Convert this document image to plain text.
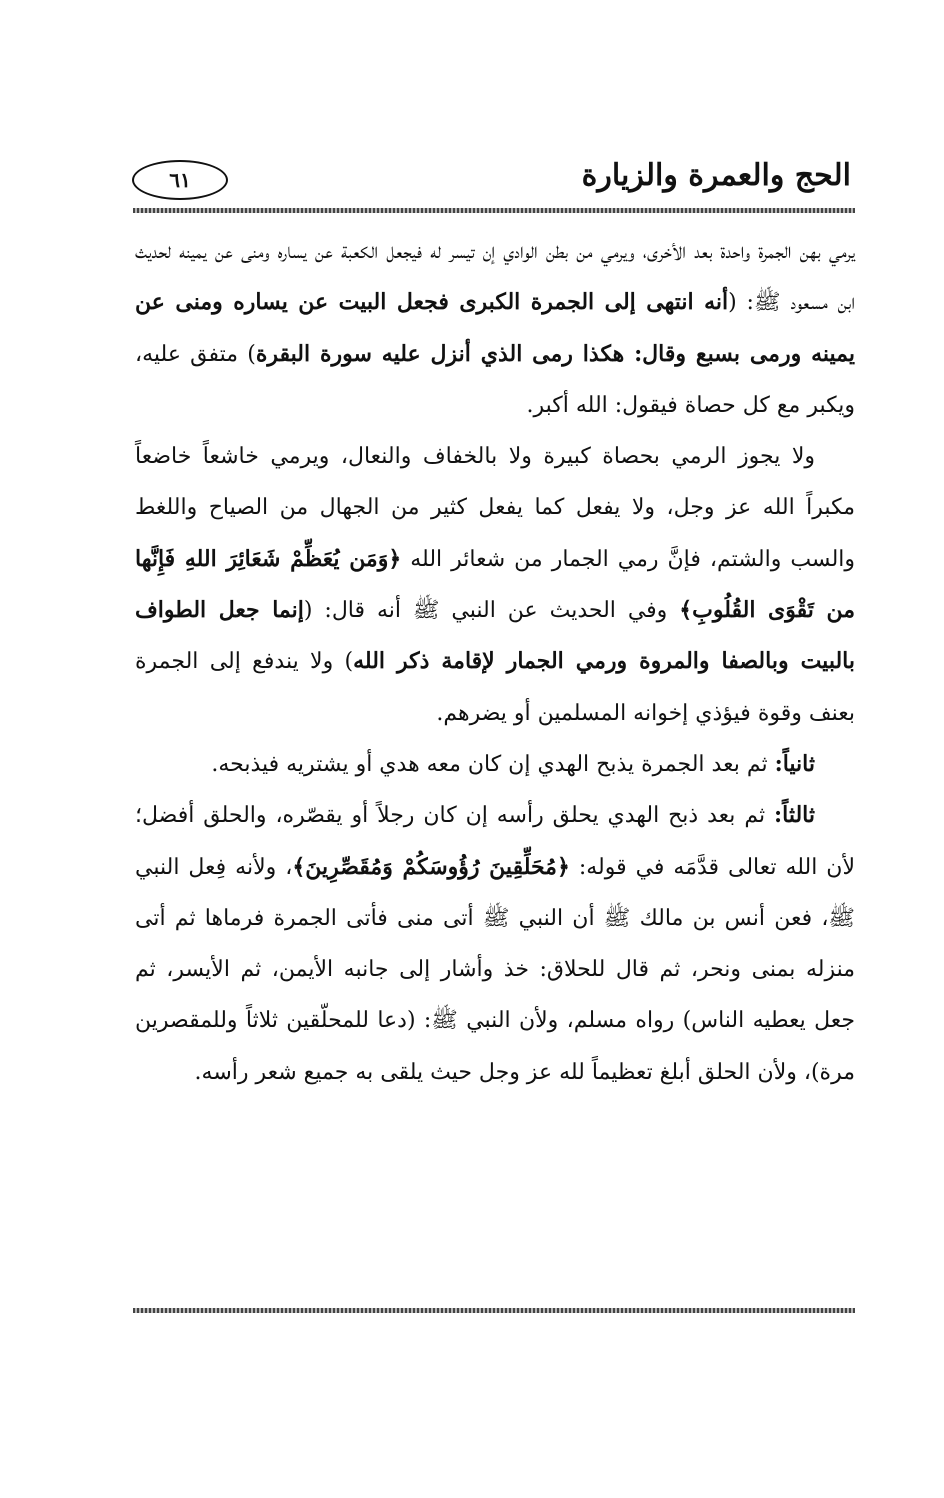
الحج والعمرة والزيارة
٦١

يرمي بهن الجمرة واحدة بعد الأخرى، ويرمي من بطن الوادي إن تيسر له فيجعل الكعبة عن يساره ومنى عن يمينه لحديث ابن مسعود ﷺ: (أنه انتهى إلى الجمرة الكبرى فجعل البيت عن يساره ومنى عن يمينه ورمى بسبع وقال: هكذا رمى الذي أنزل عليه سورة البقرة) متفق عليه، ويكبر مع كل حصاة فيقول: الله أكبر.

ولا يجوز الرمي بحصاة كبيرة ولا بالخفاف والنعال، ويرمي خاشعاً خاضعاً مكبراً الله عز وجل، ولا يفعل كما يفعل كثير من الجهال من الصياح واللغط والسب والشتم، فإنَّ رمي الجمار من شعائر الله ﴿وَمَن يُعَظِّمْ شَعَائِرَ اللهِ فَإِنَّها من تَقْوَى القُلُوبِ﴾ وفي الحديث عن النبي ﷺ أنه قال: (إنما جعل الطواف بالبيت وبالصفا والمروة ورمي الجمار لإقامة ذكر الله) ولا يندفع إلى الجمرة بعنف وقوة فيؤذي إخوانه المسلمين أو يضرهم.

ثانياً: ثم بعد الجمرة يذبح الهدي إن كان معه هدي أو يشتريه فيذبحه.

ثالثاً: ثم بعد ذبح الهدي يحلق رأسه إن كان رجلاً أو يقصّره، والحلق أفضل؛ لأن الله تعالى قدَّمَه في قوله: ﴿مُحَلِّقِينَ رُؤُوسَكُمْ وَمُقَصِّرِينَ﴾، ولأنه فِعل النبي ﷺ، فعن أنس بن مالك ﷺ أن النبي ﷺ أتى منى فأتى الجمرة فرماها ثم أتى منزله بمنى ونحر، ثم قال للحلاق: خذ وأشار إلى جانبه الأيمن، ثم الأيسر، ثم جعل يعطيه الناس) رواه مسلم، ولأن النبي ﷺ: (دعا للمحلّقين ثلاثاً وللمقصرين مرة)، ولأن الحلق أبلغ تعظيماً لله عز وجل حيث يلقى به جميع شعر رأسه.
